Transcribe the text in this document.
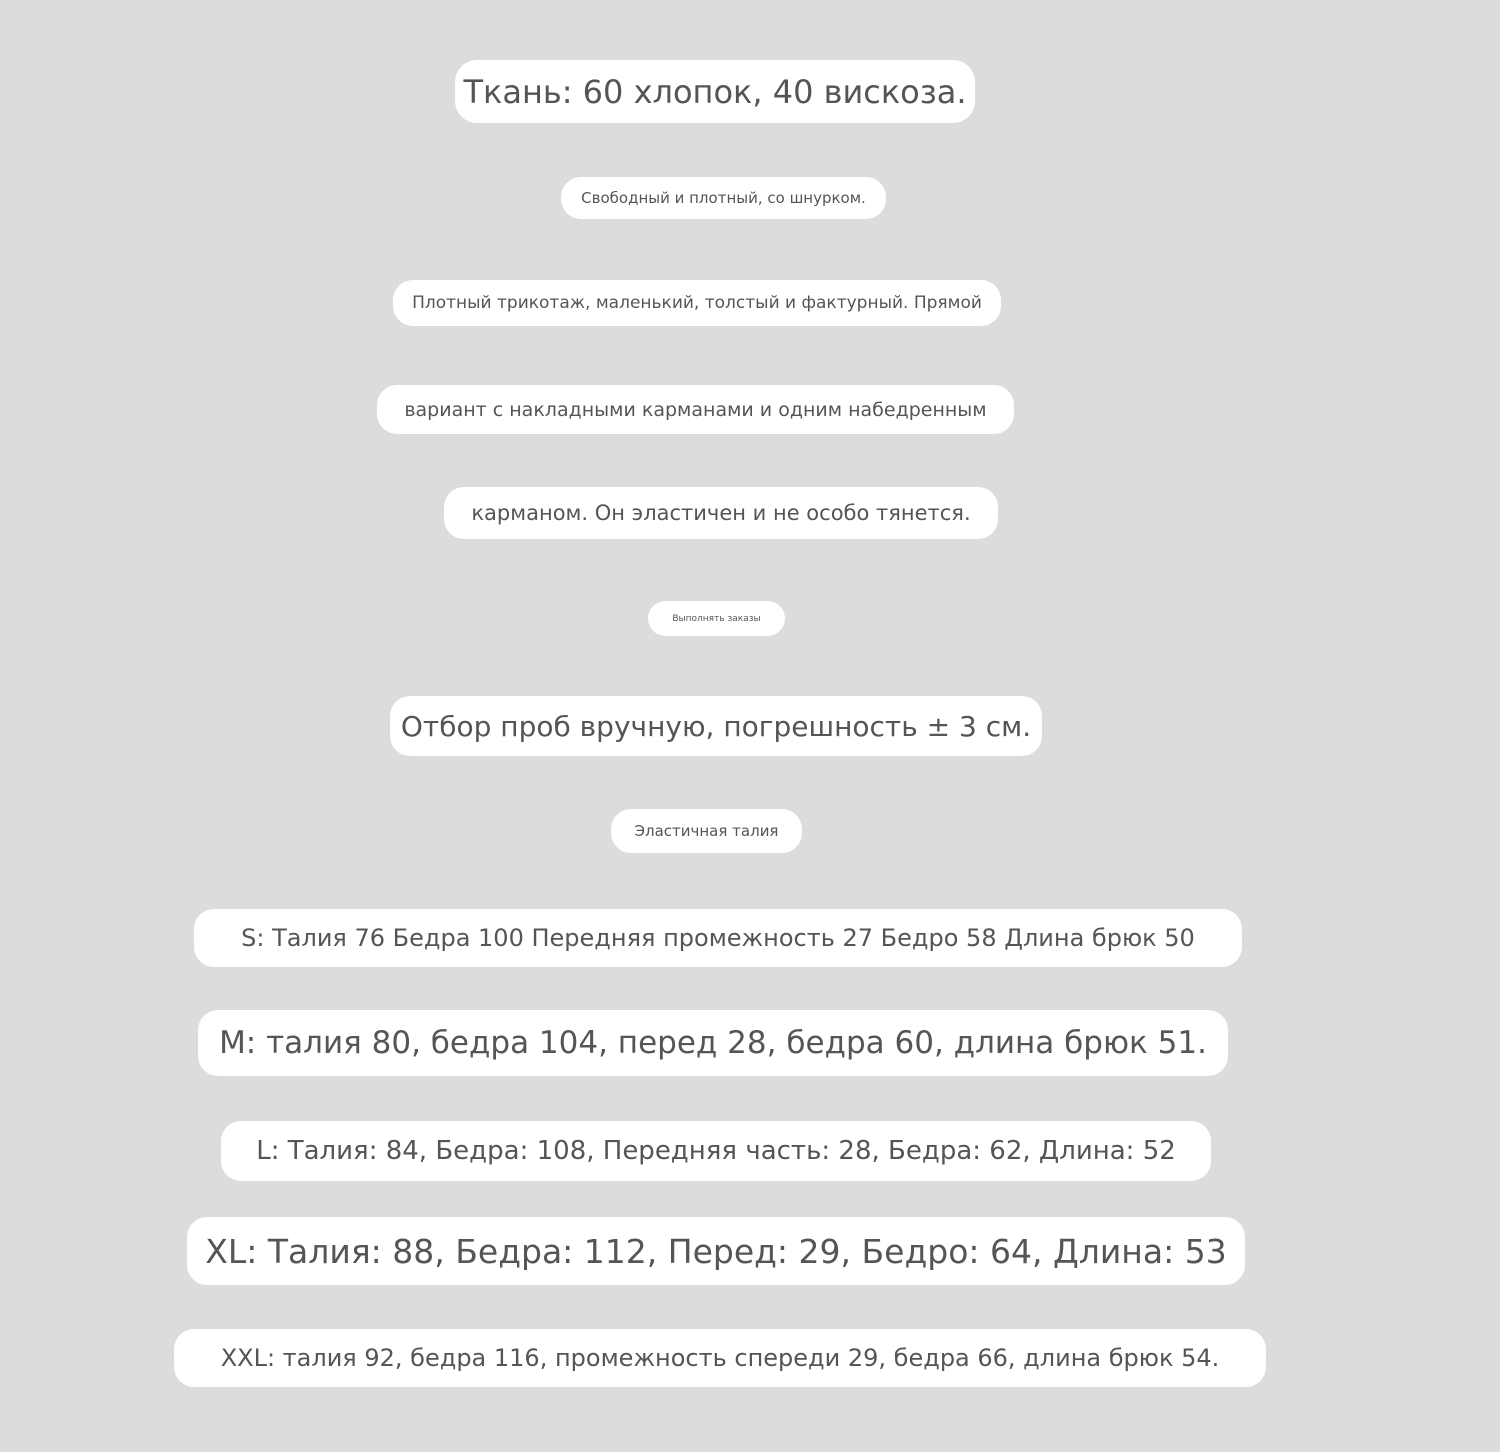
Ткань: 60 хлопок, 40 вискоза.
Свободный и плотный, со шнурком.
Плотный трикотаж, маленький, толстый и фактурный. Прямой
вариант с накладными карманами и одним набедренным
карманом. Он эластичен и не особо тянется.
Выполнять заказы
Отбор проб вручную, погрешность ± 3 см.
Эластичная талия
S: Талия 76 Бедра 100 Передняя промежность 27 Бедро 58 Длина брюк 50
M: талия 80, бедра 104, перед 28, бедра 60, длина брюк 51.
L: Талия: 84, Бедра: 108, Передняя часть: 28, Бедра: 62, Длина: 52
XL: Талия: 88, Бедра: 112, Перед: 29, Бедро: 64, Длина: 53
XXL: талия 92, бедра 116, промежность спереди 29, бедра 66, длина брюк 54.
